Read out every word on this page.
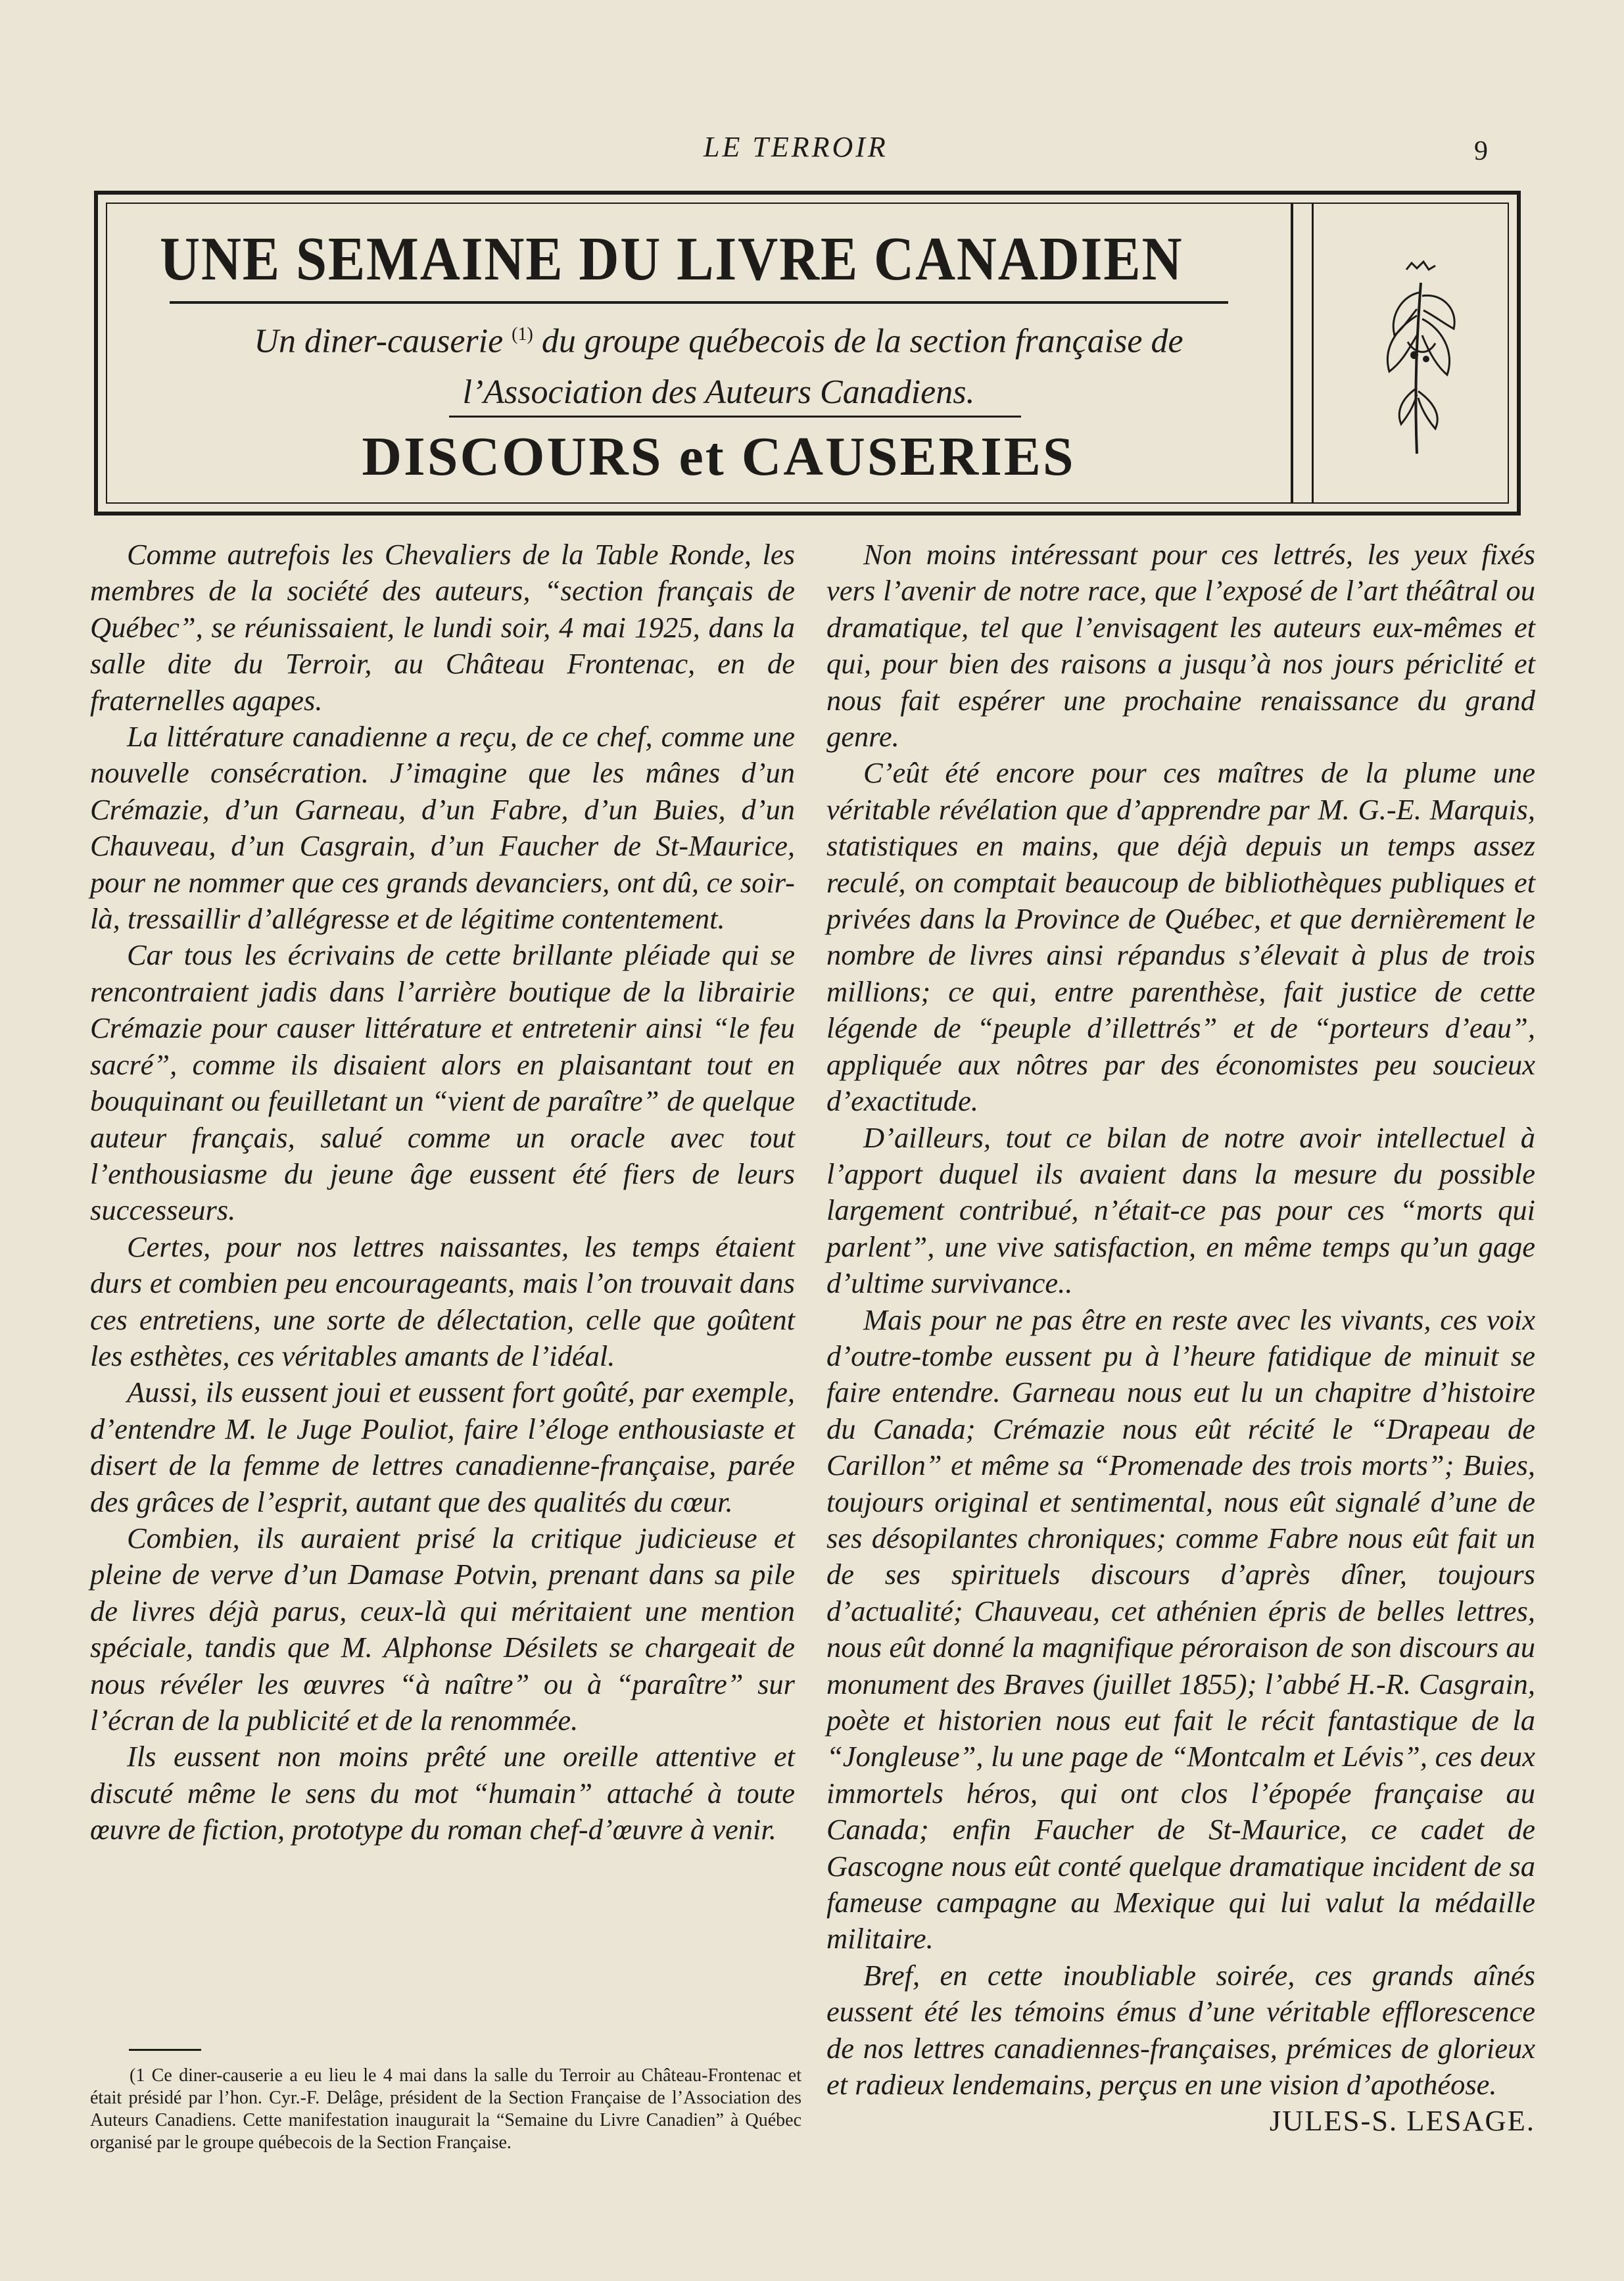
LE TERROIR	9
UNE SEMAINE DU LIVRE CANADIEN
Un diner-causerie $^{(1)}$ du groupe québecois de la section française de
l’Association des Auteurs Canadiens.
DISCOURS et CAUSERIES

Comme autrefois les Chevaliers de la Table Ronde, les membres de la société des auteurs, “section français de Québec”, se réunissaient, le lundi soir, 4 mai 1925, dans la salle dite du Terroir, au Château Frontenac, en de fraternelles agapes.

La littérature canadienne a reçu, de ce chef, comme une nouvelle consécration. J’imagine que les mânes d’un Crémazie, d’un Garneau, d’un Fabre, d’un Buies, d’un Chauveau, d’un Casgrain, d’un Faucher de St-Maurice, pour ne nommer que ces grands devanciers, ont dû, ce soir-là, tressaillir d’allégresse et de légitime contentement.

Car tous les écrivains de cette brillante pléiade qui se rencontraient jadis dans l’arrière boutique de la librairie Crémazie pour causer littérature et entretenir ainsi “le feu sacré”, comme ils disaient alors en plaisantant tout en bouquinant ou feuilletant un “vient de paraître” de quelque auteur français, salué comme un oracle avec tout l’enthousiasme du jeune âge eussent été fiers de leurs successeurs.

Certes, pour nos lettres naissantes, les temps étaient durs et combien peu encourageants, mais l’on trouvait dans ces entretiens, une sorte de délectation, celle que goûtent les esthètes, ces véritables amants de l’idéal.

Aussi, ils eussent joui et eussent fort goûté, par exemple, d’entendre M. le Juge Pouliot, faire l’éloge enthousiaste et disert de la femme de lettres canadienne-française, parée des grâces de l’esprit, autant que des qualités du cœur.

Combien, ils auraient prisé la critique judicieuse et pleine de verve d’un Damase Potvin, prenant dans sa pile de livres déjà parus, ceux-là qui méritaient une mention spéciale, tandis que M. Alphonse Désilets se chargeait de nous révéler les œuvres “à naître” ou à “paraître” sur l’écran de la publicité et de la renommée.

Ils eussent non moins prêté une oreille attentive et discuté même le sens du mot “humain” attaché à toute œuvre de fiction, prototype du roman chef-d’œuvre à venir.

(1 Ce diner-causerie a eu lieu le 4 mai dans la salle du Terroir au Château-Frontenac et était présidé par l’hon. Cyr.-F. Delâge, président de la Section Française de l’Association des Auteurs Canadiens. Cette manifestation inaugurait la “Semaine du Livre Canadien” à Québec organisé par le groupe québecois de la Section Française.

Non moins intéressant pour ces lettrés, les yeux fixés vers l’avenir de notre race, que l’exposé de l’art théâtral ou dramatique, tel que l’envisagent les auteurs eux-mêmes et qui, pour bien des raisons a jusqu’à nos jours périclité et nous fait espérer une prochaine renaissance du grand genre.

C’eût été encore pour ces maîtres de la plume une véritable révélation que d’apprendre par M. G.-E. Marquis, statistiques en mains, que déjà depuis un temps assez reculé, on comptait beaucoup de bibliothèques publiques et privées dans la Province de Québec, et que dernièrement le nombre de livres ainsi répandus s’élevait à plus de trois millions; ce qui, entre parenthèse, fait justice de cette légende de “peuple d’illettrés” et de “porteurs d’eau”, appliquée aux nôtres par des économistes peu soucieux d’exactitude.

D’ailleurs, tout ce bilan de notre avoir intellectuel à l’apport duquel ils avaient dans la mesure du possible largement contribué, n’était-ce pas pour ces “morts qui parlent”, une vive satisfaction, en même temps qu’un gage d’ultime survivance..

Mais pour ne pas être en reste avec les vivants, ces voix d’outre-tombe eussent pu à l’heure fatidique de minuit se faire entendre. Garneau nous eut lu un chapitre d’histoire du Canada; Crémazie nous eût récité le “Drapeau de Carillon” et même sa “Promenade des trois morts”; Buies, toujours original et sentimental, nous eût signalé d’une de ses désopilantes chroniques; comme Fabre nous eût fait un de ses spirituels discours d’après dîner, toujours d’actualité; Chauveau, cet athénien épris de belles lettres, nous eût donné la magnifique péroraison de son discours au monument des Braves (juillet 1855); l’abbé H.-R. Casgrain, poète et historien nous eut fait le récit fantastique de la “Jongleuse”, lu une page de “Montcalm et Lévis”, ces deux immortels héros, qui ont clos l’épopée française au Canada; enfin Faucher de St-Maurice, ce cadet de Gascogne nous eût conté quelque dramatique incident de sa fameuse campagne au Mexique qui lui valut la médaille militaire.

Bref, en cette inoubliable soirée, ces grands aînés eussent été les témoins émus d’une véritable efflorescence de nos lettres canadiennes-françaises, prémices de glorieux et radieux lendemains, perçus en une vision d’apothéose.
JULES-S. LESAGE.
